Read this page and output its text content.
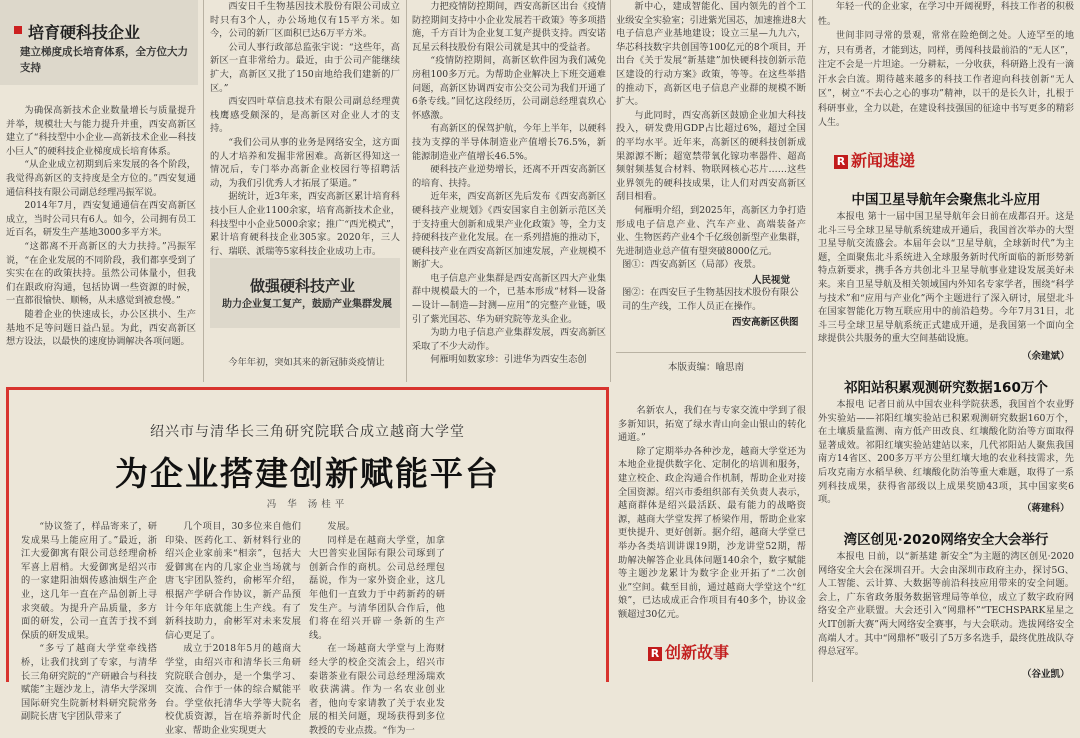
培育硬科技企业
建立梯度成长培育体系，全方位大力支持

为确保高新技术企业数量增长与质量提升并举，规模壮大与能力提升并重，西安高新区建立了“科技型中小企业—高新技术企业—科技小巨人”的硬科技企业梯度成长培育体系。

“从企业成立初期到后来发展的各个阶段，我觉得高新区的支持度是全方位的。”西安复通通信科技有限公司副总经理冯振军说。

2014年7月，西安复通通信在西安高新区成立，当时公司只有6人。如今，公司拥有员工近百名，研发生产基地3000多平方米。

“这都离不开高新区的大力扶持。”冯振军说，“在企业发展的不同阶段，我们都享受到了实实在在的政策扶持。虽然公司体量小，但我们在跟政府沟通，包括协调一些资源的时候，一直都很愉快、顺畅，从未感觉到被怠慢。”

随着企业的快速成长，办公区拱小、生产基地不足等问题日益凸显。为此，西安高新区想方设法，以最快的速度协调解决各项问题。

西安日千生物基因技术股份有限公司成立时只有3个人，办公场地仅有15平方米。如今，公司的新厂区面积已达6万平方米。

公司人事行政部总监张宇说：“这些年，高新区一直非常给力。最近，由于公司产能继续扩大，高新区又批了150亩地给我们建新的厂区。”

西安四叶草信息技术有限公司副总经理黄栈鹰感受颇深的，是高新区对企业人才的支持。

“我们公司从事的业务是网络安全，这方面的人才培养和发掘非常困难。高新区得知这一情况后，专门举办高新企业校园行等招聘活动，为我们引优秀人才拓展了渠道。”

据统计，近3年来，西安高新区累计培育科技小巨人企业1100余家，培育高新技术企业，科技型中小企业5000余家；推广“西光模式”，累计培育硬科技企业305家。2020年，三人行、瑞联、派瑞等5家科技企业成功上市。

做强硬科技产业
助力企业复工复产，鼓励产业集群发展

今年年初，突如其来的新冠肺炎疫情让

力把疫情防控期间，西安高新区出台《疫情防控期间支持中小企业发展若干政策》等多项措施，千方百计为企业复工复产提供支持。西安诺瓦星云科技股份有限公司就是其中的受益者。

“疫情防控期间，高新区软件园为我们减免房租100多万元。为帮助企业解决上下班交通难问题，高新区协调西安市公交公司为我们开通了6条专线。”回忆这段经历，公司副总经理袁玖心怀感激。

有高新区的保驾护航，今年上半年，以硬科技为支撑的半导体制造业产值增长76.5%，新能源制造业产值增长46.5%。

硬科技产业逆势增长，还离不开西安高新区的培育、扶持。

近年来，西安高新区先后发布《西安高新区硬科技产业规划》《西安国家自主创新示范区关于支持重大创新和成果产业化政策》等，全力支持硬科技产业化发展。在一系列措施的推动下，硬科技产业在西安高新区加速发展，产业规模不断扩大。

电子信息产业集群是西安高新区四大产业集群中规模最大的一个，已基本形成“材料—设备—设计—制造—封测—应用”的完整产业链，吸引了紫光国芯、华为研究院等龙头企业。

为助力电子信息产业集群发展，西安高新区采取了不少大动作。

何雁明如数家珍：引进华为西安生态创

新中心，建成智能化、国内领先的首个工业级安全实验室；引进紫光国芯，加速推进8大电子信息产业基地建设；设立三星—九九六，华芯科技数字共创国等100亿元的8个项目，开出台《关于发展“新基建”加快硬科技创新示范区建设的行动方案》政策，等等。在这些举措的推动下，高新区电子信息产业群的规模不断扩大。

与此同时，西安高新区鼓励企业加大科技投入，研发费用GDP占比超过6%，超过全国的平均水平。近年来，高新区的硬科技创新成果源源不断；超宽禁带氧化镓功率器件、超高频射频基复合材料、物联网核心芯片……这些业界领先的硬科技成果，让人们对西安高新区刮目相看。

何雁明介绍，到2025年，高新区力争打造形成电子信息产业、汽车产业、高端装备产业、生物医药产业4个千亿级创新型产业集群，先进制造业总产值有望突破8000亿元。

图①：西安高新区（局部）夜景。
人民视觉
图②：在西安巨子生物基因技术股份有限公司的生产线，工作人员正在操作。
西安高新区供图
本版责编：喻思南
绍兴市与清华长三角研究院联合成立越商大学堂
为企业搭建创新赋能平台
冯 华 汤桂平

“协议签了，样品寄来了，研发成果马上能应用了。”最近，浙江大爱御寓有限公司总经理俞桥军喜上眉梢。大爱御寓是绍兴市的一家建阳油烟传感油烟生产企业，这几年一直在产品创新上寻求突破。为提升产品质量，多方面的研发，公司一直苦于找不到保质的研发成果。

“多亏了越商大学堂牵线搭桥，让我们找到了专家，与清华长三角研究院的“产研融合与科技赋能”主题沙龙上，清华大学深圳国际研究生院新材料研究院常务副院长唐飞宇团队带来了

几个项目，30多位来自他们印染、医药化工、新材料行业的绍兴企业家前来“相亲”，包括大爱御寓在内的几家企业当场就与唐飞宇团队签约，俞彬军介绍，根据产学研合作协议，新产品预计今年年底就能上生产线。有了新科技助力，俞彬军对未来发展信心更足了。

成立于2018年5月的越商大学堂，由绍兴市和清华长三角研究院联合创办，是一个集学习、交流、合作于一体的综合赋能平台。学堂依托清华大学等大院名校优质资源，旨在培养新时代企业家、帮助企业实现更大

发展。

同样是在越商大学堂，加拿大巴普实业国际有限公司琢到了创新合作的商机。公司总经理包磊说，作为一家外资企业，这几年他们一直致力于中药新药的研发生产。与清华团队合作后，他们将在绍兴开辟一条新的生产线。

在一场越商大学堂与上海财经大学的校企交流会上，绍兴市泰谐茶业有限公司总经理汤瑞欢收获满满。作为一名农业创业者，他向专家请教了关于农业发展的相关问题，现场获得到多位教授的专业点拨。“作为一

名新农人，我们在与专家交流中学到了很多新知识，拓宽了绿水青山向金山银山的转化通道。”

除了定期举办各种沙龙，越商大学堂还为本地企业提供数字化、定制化的培训和服务，建立校企、政企沟通合作机制，帮助企业对接全国资源。绍兴市委组织部有关负责人表示，越商群体是绍兴最活跃、最有能力的战略资源，越商大学堂发挥了桥梁作用，帮助企业家更快提升、更好创新。据介绍，越商大学堂已举办各类培训讲课19期，沙龙讲堂52期，帮助解决解答企业具体问题140余个，数字赋能等主题沙龙累计为数字企业开拓了“二次创业”空间。截至目前，通过越商大学堂这个“红娘”，已达成成正合作项目有40多个，协议金额超过30亿元。

R 创新故事

年轻一代的企业家，在学习中开阔视野，科技工作者的积极性。

世间非同寻常的景观，常常在险绝倒之处。人迹罕至的地方，只有勇者，才能到达，同样，勇闯科技最前沿的“无人区”，注定不会是一片坦途。一分耕耘，一分收获，科研路上没有一滴汗水会白流。期待越来越多的科技工作者迎向科技创新“无人区”，树立“不去心之心的事功”精神，以干的是长久计，扎根于科研事业，全力以赴，在建设科技强国的征途中书写更多的精彩人生。

R 新闻速递
中国卫星导航年会聚焦北斗应用

本报电 第十一届中国卫星导航年会日前在成都召开。这是北斗三号全球卫星导航系统建成开通后，我国首次举办的大型卫星导航交流盛会。本届年会以“卫星导航，全球新时代”为主题，全面聚焦北斗系统进入全球服务新时代所面临的新形势新特点新要求，携手各方共创北斗卫星导航事业建设发展美好未来。来自卫星导航及相关领域国内外知名专家学者，围绕“科学与技术”和“应用与产业化”两个主题进行了深入研讨，展望北斗在国家智能化万物互联应用中的前沿趋势。今年7月31日，北斗三号全球卫星导航系统正式建成开通，是我国第一个面向全球提供公共服务的重大空间基础设施。

（余建斌）
祁阳站积累观测研究数据160万个

本报电 记者日前从中国农业科学院获悉，我国首个农业野外实验站——祁阳红壤实验站已积累观测研究数据160万个，在土壤质量监测、南方低产田改良、红壤酸化防治等方面取得显著成效。祁阳红壤实验站建站以来，几代祁阳站人聚焦我国南方14省区、200多万平方公里红壤大地的农业科技需求，先后攻克南方水稻旱秧、红壤酸化防治等重大难题，取得了一系列科技成果，获得省部级以上成果奖励43项，其中国家奖6项。

（蒋建科）
湾区创见·2020网络安全大会举行

本报电 日前，以“新基建 新安全”为主题的湾区创见·2020网络安全大会在深圳召开。大会由深圳市政府主办，探讨5G、人工智能、云计算、大数据等前沿科技应用带来的安全问题。会上，广东省政务服务数据管理局等单位，成立了数字政府网络安全产业联盟。大会还引入“网鼎杯”“TECHSPARK星星之火IT创新大赛”两大网络安全赛事，与大会联动。选拔网络安全高端人才。其中“网鼎杯”吸引了5万多名选手，最终优胜战队夺得总冠军。

（谷业凯）
